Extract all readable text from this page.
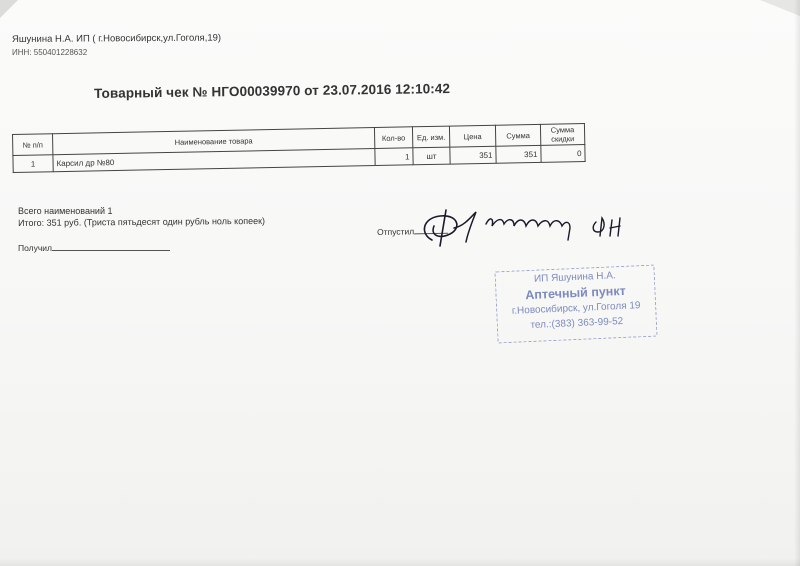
Яшунина Н.А. ИП ( г.Новосибирск,ул.Гоголя,19)
ИНН: 550401228632
Товарный чек № НГО00039970 от 23.07.2016 12:10:42
№ п/п	Наименование товара	Кол-во	Ед. изм.	Цена	Сумма	Сумма скидки
1	Карсил др №80	1	шт	351	351	0
Всего наименований 1
Итого: 351 руб. (Триста пятьдесят один рубль ноль копеек)
Получил
Отпустил
ИП Яшунина Н.А.
Аптечный пункт
г.Новосибирск, ул.Гоголя 19
тел.:(383) 363-99-52
